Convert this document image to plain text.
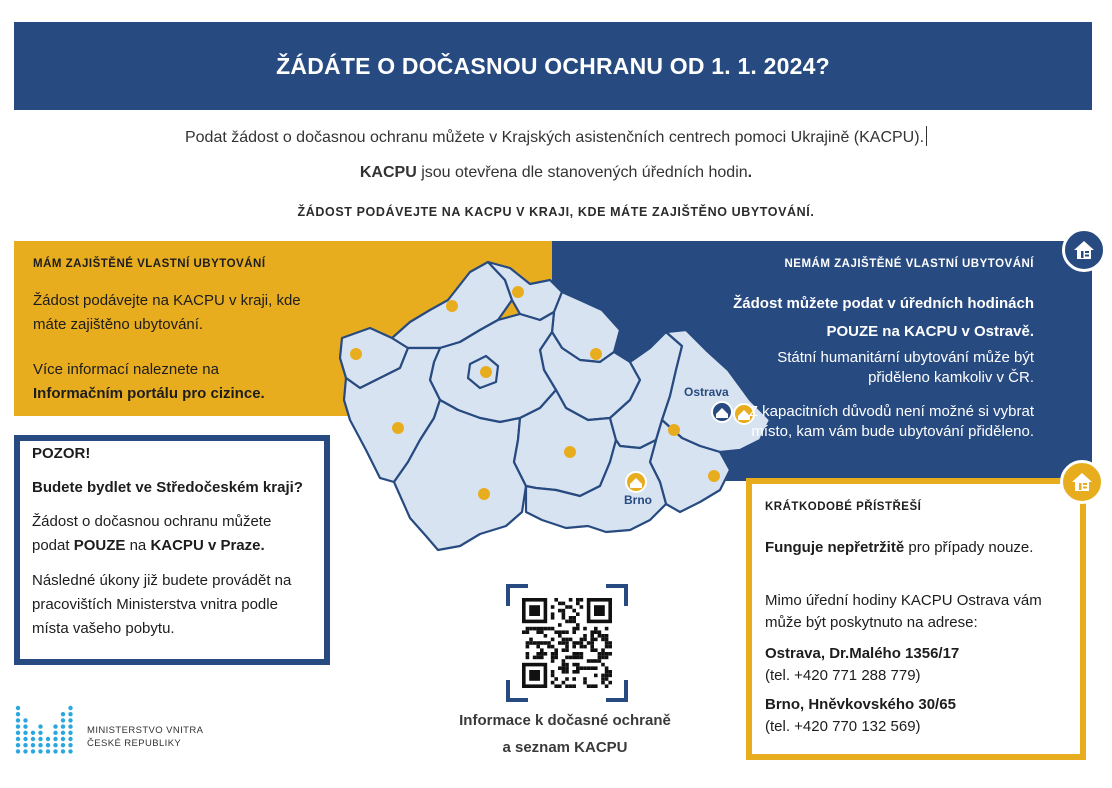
ŽÁDÁTE O DOČASNOU OCHRANU OD 1. 1. 2024?
Podat žádost o dočasnou ochranu můžete v Krajských asistenčních centrech pomoci Ukrajině (KACPU).
KACPU jsou otevřena dle stanovených úředních hodin.
ŽÁDOST PODÁVEJTE NA KACPU V KRAJI, KDE MÁTE ZAJIŠTĚNO UBYTOVÁNÍ.
Ostrava
Brno
MÁM ZAJIŠTĚNÉ VLASTNÍ UBYTOVÁNÍ
Žádost podávejte na KACPU v kraji, kde máte zajištěno ubytování.
Více informací naleznete na Informačním portálu pro cizince.
NEMÁM ZAJIŠTĚNÉ VLASTNÍ UBYTOVÁNÍ
Žádost můžete podat v úředních hodinách
POUZE na KACPU v Ostravě.
Státní humanitární ubytování může být přiděleno kamkoliv v ČR.
Z kapacitních důvodů není možné si vybrat místo, kam vám bude ubytování přiděleno.
POZOR!
Budete bydlet ve Středočeském kraji?
Žádost o dočasnou ochranu můžete podat POUZE na KACPU v Praze.
Následné úkony již budete provádět na pracovištích Ministerstva vnitra podle místa vašeho pobytu.
KRÁTKODOBÉ PŘÍSTŘEŠÍ
Funguje nepřetržitě pro případy nouze.
Mimo úřední hodiny KACPU Ostrava vám může být poskytnuto na adrese:
Ostrava, Dr.Malého 1356/17
(tel. +420 771 288 779)
Brno, Hněvkovského 30/65
(tel. +420 770 132 569)
Informace k dočasné ochraně
a seznam KACPU
MINISTERSTVO VNITRA
ČESKÉ REPUBLIKY
